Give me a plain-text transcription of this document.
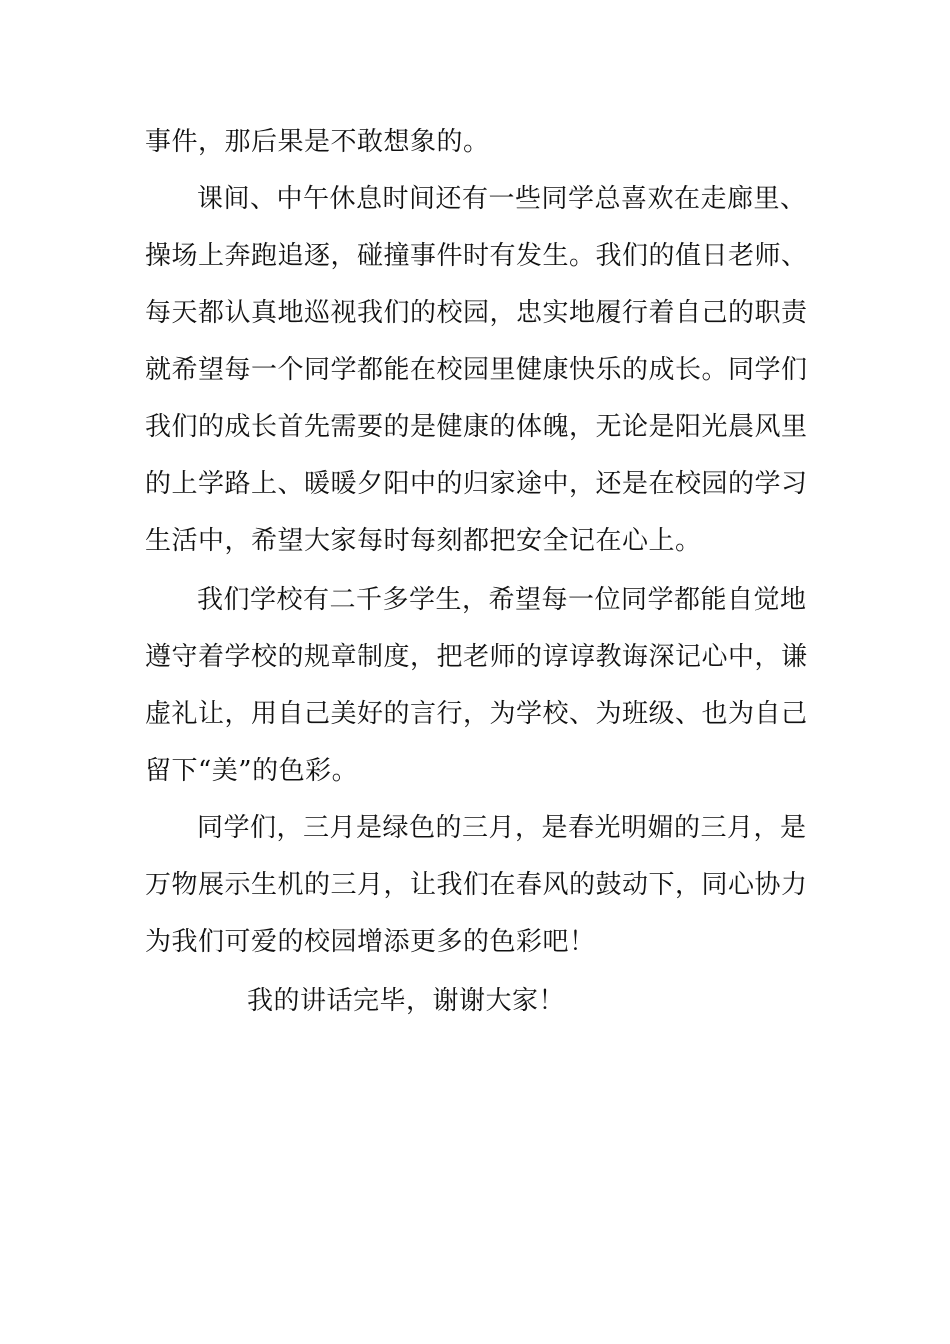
事件，那后果是不敢想象的。
课间、中午休息时间还有一些同学总喜欢在走廊里、
操场上奔跑追逐，碰撞事件时有发生。我们的值日老师、
每天都认真地巡视我们的校园，忠实地履行着自己的职责
就希望每一个同学都能在校园里健康快乐的成长。同学们
我们的成长首先需要的是健康的体魄，无论是阳光晨风里
的上学路上、暖暖夕阳中的归家途中，还是在校园的学习
生活中，希望大家每时每刻都把安全记在心上。
我们学校有二千多学生，希望每一位同学都能自觉地
遵守着学校的规章制度，把老师的谆谆教诲深记心中，谦
虚礼让，用自己美好的言行，为学校、为班级、也为自己
留下“美”的色彩。
同学们，三月是绿色的三月，是春光明媚的三月，是
万物展示生机的三月，让我们在春风的鼓动下，同心协力
为我们可爱的校园增添更多的色彩吧！
我的讲话完毕，谢谢大家！
